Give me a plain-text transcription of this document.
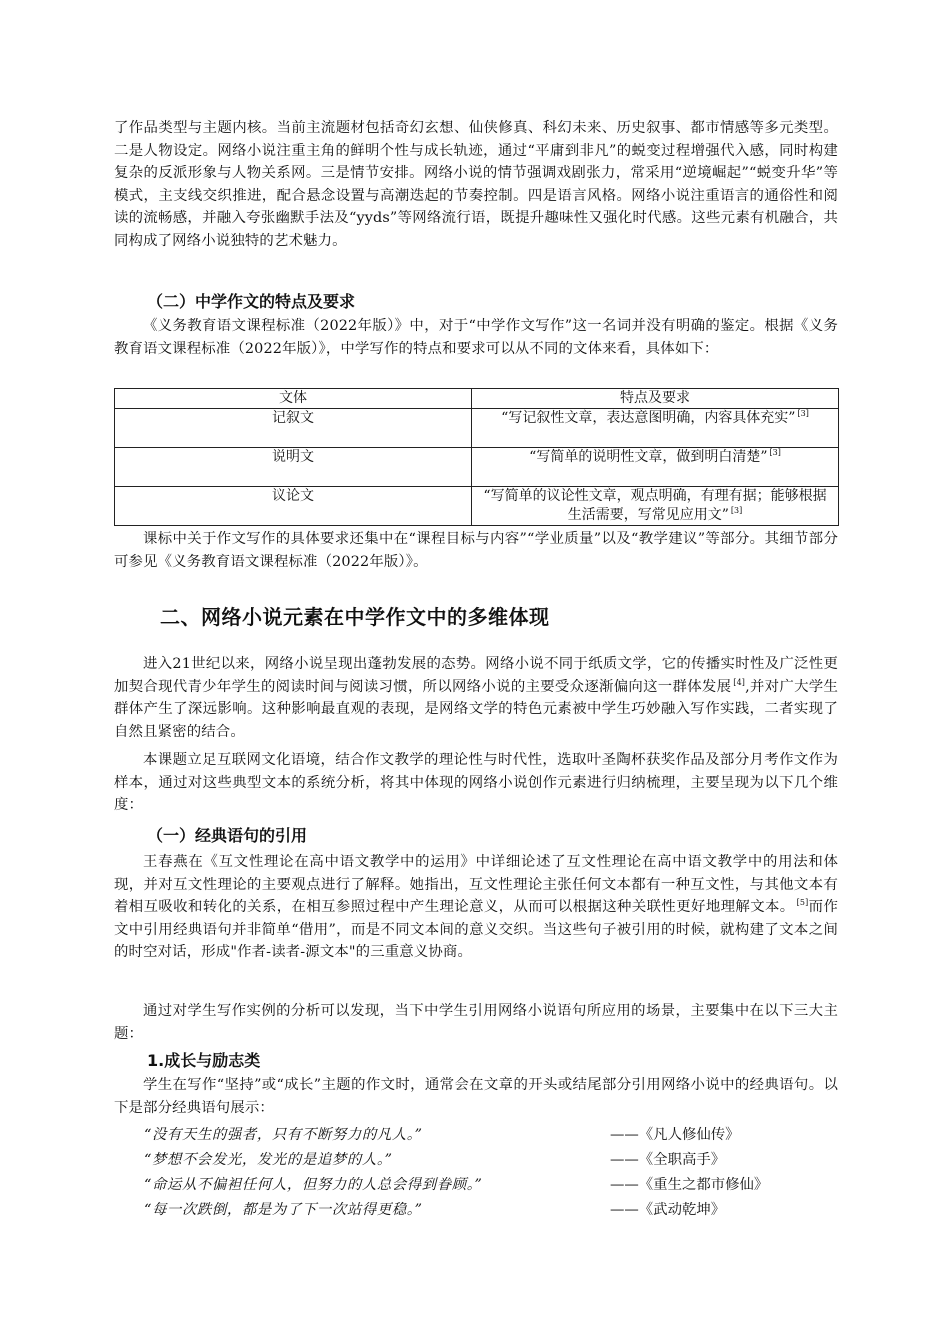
了作品类型与主题内核。当前主流题材包括奇幻玄想、仙侠修真、科幻未来、历史叙事、都市情感等多元类型。二是人物设定。网络小说注重主角的鲜明个性与成长轨迹，通过“平庸到非凡”的蜕变过程增强代入感，同时构建复杂的反派形象与人物关系网。三是情节安排。网络小说的情节强调戏剧张力，常采用“逆境崛起”“蜕变升华”等模式，主支线交织推进，配合悬念设置与高潮迭起的节奏控制。四是语言风格。网络小说注重语言的通俗性和阅读的流畅感，并融入夸张幽默手法及“yyds”等网络流行语，既提升趣味性又强化时代感。这些元素有机融合，共同构成了网络小说独特的艺术魅力。

（二）中学作文的特点及要求

《义务教育语文课程标准（2022年版）》中，对于“中学作文写作”这一名词并没有明确的鉴定。根据《义务教育语文课程标准（2022年版）》，中学写作的特点和要求可以从不同的文体来看，具体如下：

文体	特点及要求
记叙文	“写记叙性文章，表达意图明确，内容具体充实” [3]
说明文	“写简单的说明性文章，做到明白清楚” [3]
议论文	“写简单的议论性文章，观点明确，有理有据；能够根据生活需要，写常见应用文” [3]

课标中关于作文写作的具体要求还集中在“课程目标与内容”“学业质量”以及“教学建议”等部分。其细节部分可参见《义务教育语文课程标准（2022年版）》。

二、网络小说元素在中学作文中的多维体现

进入21世纪以来，网络小说呈现出蓬勃发展的态势。网络小说不同于纸质文学，它的传播实时性及广泛性更加契合现代青少年学生的阅读时间与阅读习惯，所以网络小说的主要受众逐渐偏向这一群体发展 [4],并对广大学生群体产生了深远影响。这种影响最直观的表现，是网络文学的特色元素被中学生巧妙融入写作实践，二者实现了自然且紧密的结合。

本课题立足互联网文化语境，结合作文教学的理论性与时代性，选取叶圣陶杯获奖作品及部分月考作文作为样本，通过对这些典型文本的系统分析，将其中体现的网络小说创作元素进行归纳梳理，主要呈现为以下几个维度：

（一）经典语句的引用

王春燕在《互文性理论在高中语文教学中的运用》中详细论述了互文性理论在高中语文教学中的用法和体现，并对互文性理论的主要观点进行了解释。她指出，互文性理论主张任何文本都有一种互文性，与其他文本有着相互吸收和转化的关系，在相互参照过程中产生理论意义，从而可以根据这种关联性更好地理解文本。 [5]而作文中引用经典语句并非简单“借用”，而是不同文本间的意义交织。当这些句子被引用的时候，就构建了文本之间的时空对话，形成"作者-读者-源文本"的三重意义协商。

通过对学生写作实例的分析可以发现，当下中学生引用网络小说语句所应用的场景，主要集中在以下三大主题：

1.成长与励志类

学生在写作“坚持”或“成长”主题的作文时，通常会在文章的开头或结尾部分引用网络小说中的经典语句。以下是部分经典语句展示：

“没有天生的强者，只有不断努力的凡人。”	——《凡人修仙传》
“梦想不会发光，发光的是追梦的人。”	——《全职高手》
“命运从不偏袒任何人，但努力的人总会得到眷顾。”	——《重生之都市修仙》
“每一次跌倒，都是为了下一次站得更稳。”	——《武动乾坤》
